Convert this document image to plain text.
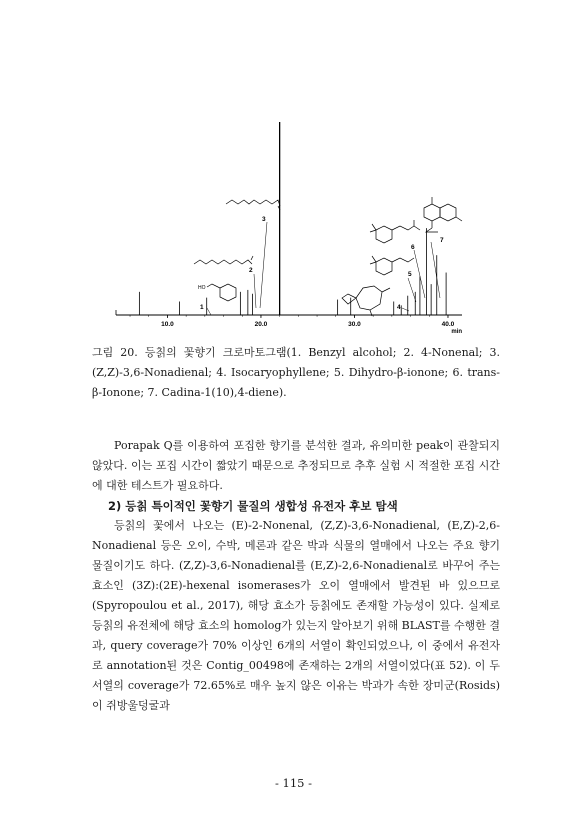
10.0	20.0	30.0	40.0
min
1
2
3
4
5
6
7
HO
그림 20. 등칡의 꽃향기 크로마토그램(1. Benzyl alcohol; 2. 4-Nonenal; 3. (Z,Z)-3,6-Nonadienal; 4. Isocaryophyllene; 5. Dihydro-β-ionone; 6. trans-β-Ionone; 7. Cadina-1(10),4-diene).
Porapak Q를 이용하여 포집한 향기를 분석한 결과, 유의미한 peak이 관찰되지 않았다. 이는 포집 시간이 짧았기 때문으로 추정되므로 추후 실험 시 적절한 포집 시간에 대한 테스트가 필요하다.
2) 등칡 특이적인 꽃향기 물질의 생합성 유전자 후보 탐색
등칡의 꽃에서 나오는 (E)-2-Nonenal, (Z,Z)-3,6-Nonadienal, (E,Z)-2,6-Nonadienal 등은 오이, 수박, 메론과 같은 박과 식물의 열매에서 나오는 주요 향기 물질이기도 하다. (Z,Z)-3,6-Nonadienal를 (E,Z)-2,6-Nonadienal로 바꾸어 주는 효소인 (3Z):(2E)-hexenal isomerases가 오이 열매에서 발견된 바 있으므로(Spyropoulou et al., 2017), 해당 효소가 등칡에도 존재할 가능성이 있다. 실제로 등칡의 유전체에 해당 효소의 homolog가 있는지 알아보기 위해 BLAST를 수행한 결과, query coverage가 70% 이상인 6개의 서열이 확인되었으나, 이 중에서 유전자로 annotation된 것은 Contig_00498에 존재하는 2개의 서열이었다(표 52). 이 두 서열의 coverage가 72.65%로 매우 높지 않은 이유는 박과가 속한 장미군(Rosids)이 쥐방울덩굴과
- 115 -
